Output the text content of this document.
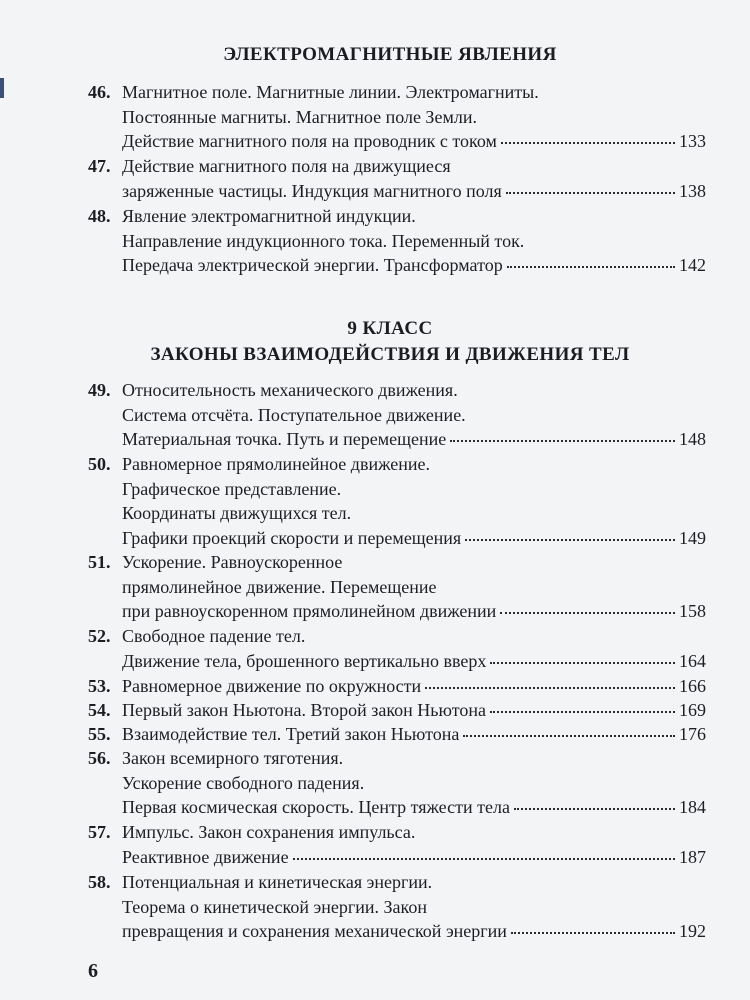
ЭЛЕКТРОМАГНИТНЫЕ ЯВЛЕНИЯ
9 КЛАСС
ЗАКОНЫ ВЗАИМОДЕЙСТВИЯ И ДВИЖЕНИЯ ТЕЛ
46. Магнитное поле. Магнитные линии. Электромагниты.
Постоянные магниты. Магнитное поле Земли.
Действие магнитного поля на проводник с током	133
47. Действие магнитного поля на движущиеся
заряженные частицы. Индукция магнитного поля	138
48. Явление электромагнитной индукции.
Направление индукционного тока. Переменный ток.
Передача электрической энергии. Трансформатор	142
49. Относительность механического движения.
Система отсчёта. Поступательное движение.
Материальная точка. Путь и перемещение	148
50. Равномерное прямолинейное движение.
Графическое представление.
Координаты движущихся тел.
Графики проекций скорости и перемещения	149
51. Ускорение. Равноускоренное
прямолинейное движение. Перемещение
при равноускоренном прямолинейном движении	158
52. Свободное падение тел.
Движение тела, брошенного вертикально вверх	164
53. Равномерное движение по окружности	166
54. Первый закон Ньютона. Второй закон Ньютона	169
55. Взаимодействие тел. Третий закон Ньютона	176
56. Закон всемирного тяготения.
Ускорение свободного падения.
Первая космическая скорость. Центр тяжести тела	184
57. Импульс. Закон сохранения импульса.
Реактивное движение	187
58. Потенциальная и кинетическая энергии.
Теорема о кинетической энергии. Закон
превращения и сохранения механической энергии	192
6
